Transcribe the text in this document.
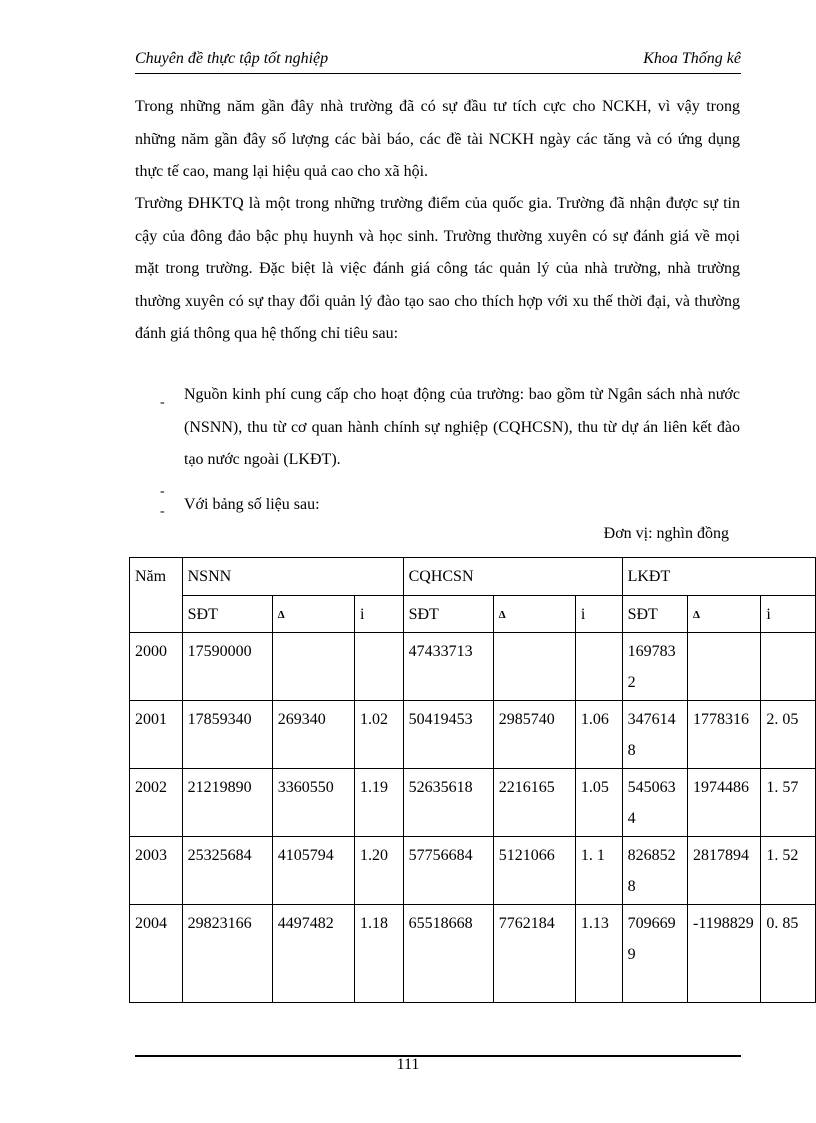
Chuyên đề thực tập tốt nghiệp	Khoa Thống kê
Trong những năm gần đây nhà trường đã có sự đầu tư tích cực cho NCKH, vì vậy trong những năm gần đây số lượng các bài báo, các đề tài NCKH ngày các tăng và có ứng dụng thực tế cao, mang lại hiệu quả cao cho xã hội.
Trường ĐHKTQ là một trong những trường điểm của quốc gia. Trường đã nhận được sự tin cậy của đông đảo bậc phụ huynh và học sinh. Trường thường xuyên có sự đánh giá về mọi mặt trong trường. Đặc biệt là việc đánh giá công tác quản lý của nhà trường, nhà trường thường xuyên có sự thay đổi quản lý đào tạo sao cho thích hợp với xu thế thời đại, và thường đánh giá thông qua hệ thống chỉ tiêu sau:
- Nguồn kinh phí cung cấp cho hoạt động của trường: bao gồm từ Ngân sách nhà nước (NSNN), thu từ cơ quan hành chính sự nghiệp (CQHCSN), thu từ dự án liên kết đào tạo nước ngoài (LKĐT).
-
- Với bảng số liệu sau:
Đơn vị: nghìn đồng
Năm	NSNN			CQHCSN			LKĐT		
	SĐT	Δ	i	SĐT	Δ	i	SĐT	Δ	i
2000	17590000			47433713			1697832		
2001	17859340	269340	1.02	50419453	2985740	1.06	3476148	1778316	2. 05
2002	21219890	3360550	1.19	52635618	2216165	1.05	5450634	1974486	1. 57
2003	25325684	4105794	1.20	57756684	5121066	1. 1	8268528	2817894	1. 52
2004	29823166	4497482	1.18	65518668	7762184	1.13	7096699	-1198829	0. 85
111
